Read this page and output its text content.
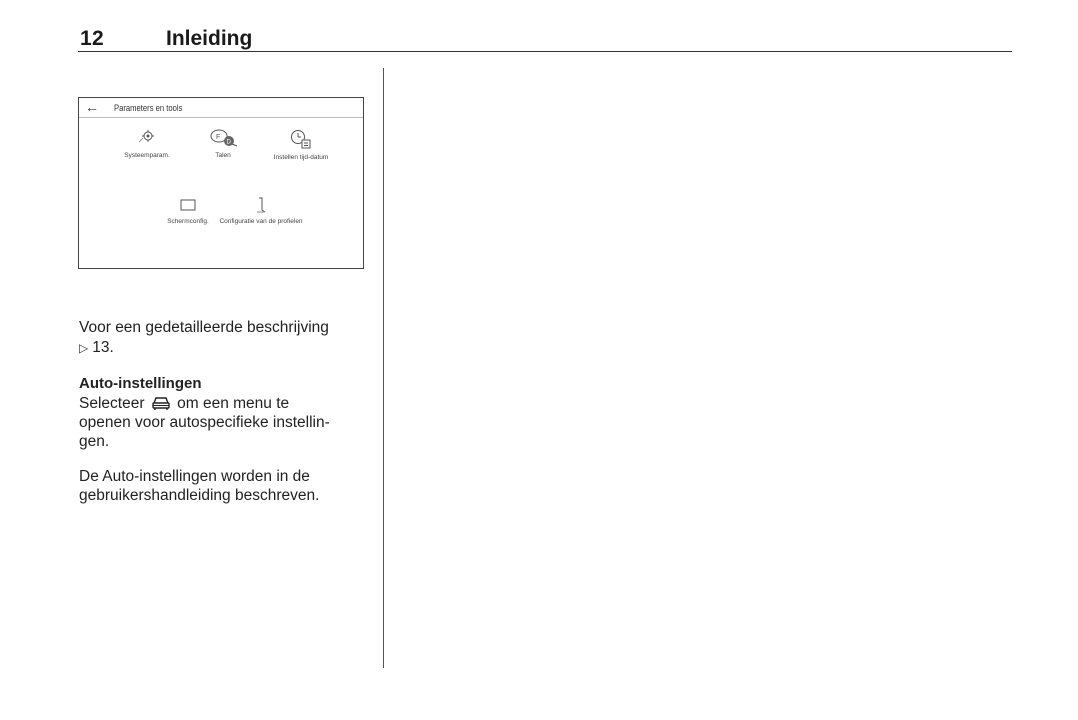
12	Inleiding
← Parameters en tools
Systeemparam.
F
D
Talen	Instellen tijd-datum
Schermconfig.	Configuratie van de profielen
Voor een gedetailleerde beschrijving
▷ 13.
Auto-instellingen
Selecteer om een menu te
openen voor autospecifieke instellin-
gen.
De Auto-instellingen worden in de
gebruikershandleiding beschreven.
